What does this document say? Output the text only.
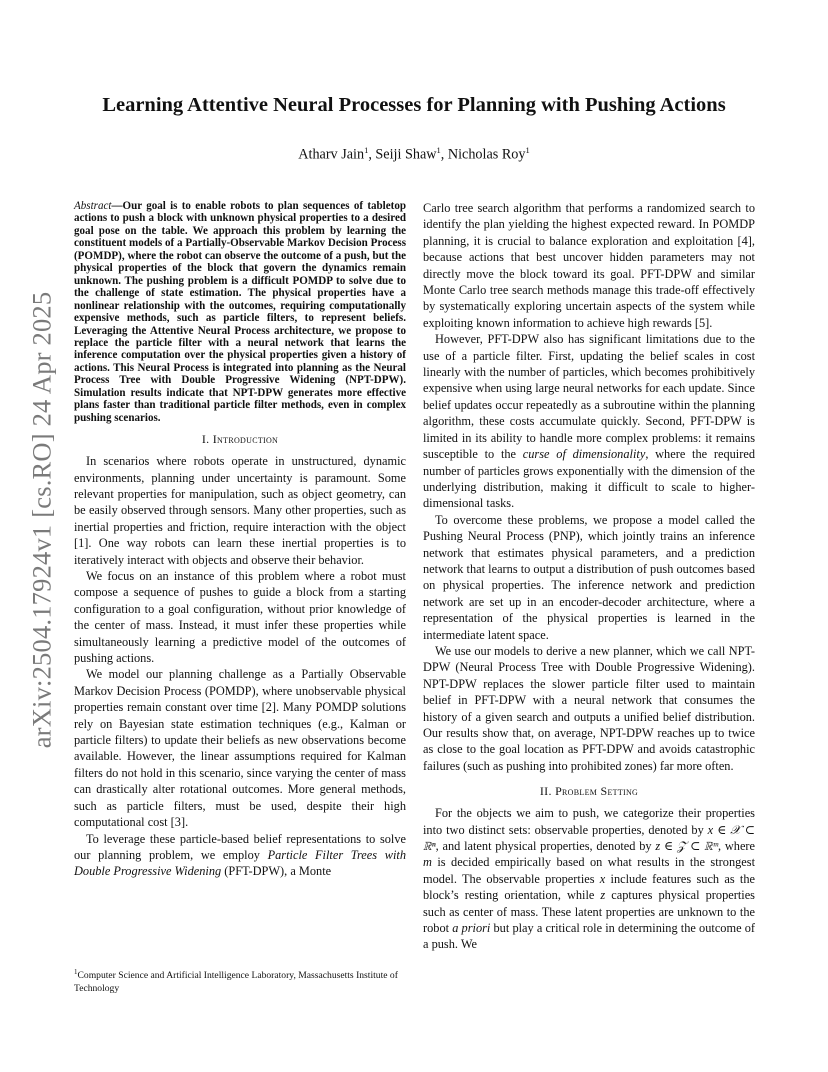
arXiv:2504.17924v1 [cs.RO] 24 Apr 2025
Learning Attentive Neural Processes for Planning with Pushing Actions
Atharv Jain$^1$, Seiji Shaw$^1$, Nicholas Roy$^1$

Abstract—Our goal is to enable robots to plan sequences of tabletop actions to push a block with unknown physical properties to a desired goal pose on the table. We approach this problem by learning the constituent models of a Partially-Observable Markov Decision Process (POMDP), where the robot can observe the outcome of a push, but the physical properties of the block that govern the dynamics remain unknown. The pushing problem is a difficult POMDP to solve due to the challenge of state estimation. The physical properties have a nonlinear relationship with the outcomes, requiring computationally expensive methods, such as particle filters, to represent beliefs. Leveraging the Attentive Neural Process architecture, we propose to replace the particle filter with a neural network that learns the inference computation over the physical properties given a history of actions. This Neural Process is integrated into planning as the Neural Process Tree with Double Progressive Widening (NPT-DPW). Simulation results indicate that NPT-DPW generates more effective plans faster than traditional particle filter methods, even in complex pushing scenarios.

I. Introduction

In scenarios where robots operate in unstructured, dynamic environments, planning under uncertainty is paramount. Some relevant properties for manipulation, such as object geometry, can be easily observed through sensors. Many other properties, such as inertial properties and friction, require interaction with the object [1]. One way robots can learn these inertial properties is to iteratively interact with objects and observe their behavior.

We focus on an instance of this problem where a robot must compose a sequence of pushes to guide a block from a starting configuration to a goal configuration, without prior knowledge of the center of mass. Instead, it must infer these properties while simultaneously learning a predictive model of the outcomes of pushing actions.

We model our planning challenge as a Partially Observable Markov Decision Process (POMDP), where unobservable physical properties remain constant over time [2]. Many POMDP solutions rely on Bayesian state estimation techniques (e.g., Kalman or particle filters) to update their beliefs as new observations become available. However, the linear assumptions required for Kalman filters do not hold in this scenario, since varying the center of mass can drastically alter rotational outcomes. More general methods, such as particle filters, must be used, despite their high computational cost [3].

To leverage these particle-based belief representations to solve our planning problem, we employ Particle Filter Trees with Double Progressive Widening (PFT-DPW), a Monte

Carlo tree search algorithm that performs a randomized search to identify the plan yielding the highest expected reward. In POMDP planning, it is crucial to balance exploration and exploitation [4], because actions that best uncover hidden parameters may not directly move the block toward its goal. PFT-DPW and similar Monte Carlo tree search methods manage this trade-off effectively by systematically exploring uncertain aspects of the system while exploiting known information to achieve high rewards [5].

However, PFT-DPW also has significant limitations due to the use of a particle filter. First, updating the belief scales in cost linearly with the number of particles, which becomes prohibitively expensive when using large neural networks for each update. Since belief updates occur repeatedly as a subroutine within the planning algorithm, these costs accumulate quickly. Second, PFT-DPW is limited in its ability to handle more complex problems: it remains susceptible to the curse of dimensionality, where the required number of particles grows exponentially with the dimension of the underlying distribution, making it difficult to scale to higher-dimensional tasks.

To overcome these problems, we propose a model called the Pushing Neural Process (PNP), which jointly trains an inference network that estimates physical parameters, and a prediction network that learns to output a distribution of push outcomes based on physical properties. The inference network and prediction network are set up in an encoder-decoder architecture, where a representation of the physical properties is learned in the intermediate latent space.

We use our models to derive a new planner, which we call NPT-DPW (Neural Process Tree with Double Progressive Widening). NPT-DPW replaces the slower particle filter used to maintain belief in PFT-DPW with a neural network that consumes the history of a given search and outputs a unified belief distribution. Our results show that, on average, NPT-DPW reaches up to twice as close to the goal location as PFT-DPW and avoids catastrophic failures (such as pushing into prohibited zones) far more often.

II. Problem Setting

For the objects we aim to push, we categorize their properties into two distinct sets: observable properties, denoted by x ∈ 𝒳 ⊂ ℝⁿ, and latent physical properties, denoted by z ∈ 𝒵 ⊂ ℝᵐ, where m is decided empirically based on what results in the strongest model. The observable properties x include features such as the block’s resting orientation, while z captures physical properties such as center of mass. These latent properties are unknown to the robot a priori but play a critical role in determining the outcome of a push. We

$^1$Computer Science and Artificial Intelligence Laboratory, Massachusetts Institute of Technology
